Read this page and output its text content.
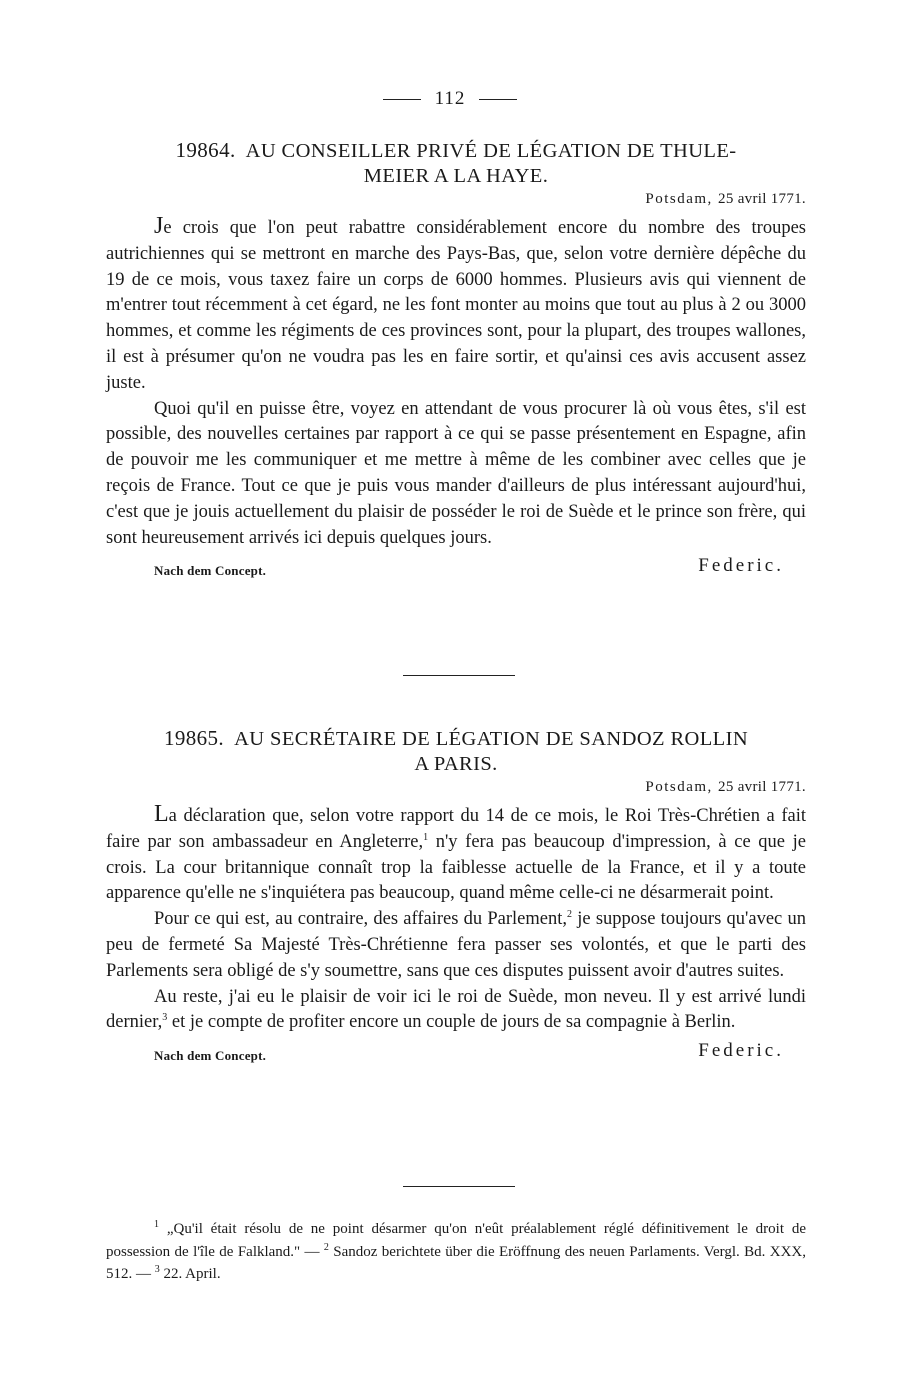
112

19864. AU CONSEILLER PRIVÉ DE LÉGATION DE THULE-
MEIER A LA HAYE.

Potsdam, 25 avril 1771.

Je crois que l'on peut rabattre considérablement encore du nombre des troupes autrichiennes qui se mettront en marche des Pays-Bas, que, selon votre dernière dépêche du 19 de ce mois, vous taxez faire un corps de 6000 hommes. Plusieurs avis qui viennent de m'entrer tout récemment à cet égard, ne les font monter au moins que tout au plus à 2 ou 3000 hommes, et comme les régiments de ces provinces sont, pour la plupart, des troupes wallones, il est à présumer qu'on ne voudra pas les en faire sortir, et qu'ainsi ces avis accusent assez juste.

Quoi qu'il en puisse être, voyez en attendant de vous procurer là où vous êtes, s'il est possible, des nouvelles certaines par rapport à ce qui se passe présentement en Espagne, afin de pouvoir me les communiquer et me mettre à même de les combiner avec celles que je reçois de France. Tout ce que je puis vous mander d'ailleurs de plus intéressant aujourd'hui, c'est que je jouis actuellement du plaisir de posséder le roi de Suède et le prince son frère, qui sont heureusement arrivés ici depuis quelques jours.

Nach dem Concept.	Federic.

19865. AU SECRÉTAIRE DE LÉGATION DE SANDOZ ROLLIN
A PARIS.

Potsdam, 25 avril 1771.

La déclaration que, selon votre rapport du 14 de ce mois, le Roi Très-Chrétien a fait faire par son ambassadeur en Angleterre,$^1$ n'y fera pas beaucoup d'impression, à ce que je crois. La cour britannique connaît trop la faiblesse actuelle de la France, et il y a toute apparence qu'elle ne s'inquiétera pas beaucoup, quand même celle-ci ne désarmerait point.

Pour ce qui est, au contraire, des affaires du Parlement,$^2$ je suppose toujours qu'avec un peu de fermeté Sa Majesté Très-Chrétienne fera passer ses volontés, et que le parti des Parlements sera obligé de s'y soumettre, sans que ces disputes puissent avoir d'autres suites.

Au reste, j'ai eu le plaisir de voir ici le roi de Suède, mon neveu. Il y est arrivé lundi dernier,$^3$ et je compte de profiter encore un couple de jours de sa compagnie à Berlin.

Nach dem Concept.	Federic.

$^1$ „Qu'il était résolu de ne point désarmer qu'on n'eût préalablement réglé définitivement le droit de possession de l'île de Falkland." — $^2$ Sandoz berichtete über die Eröffnung des neuen Parlaments. Vergl. Bd. XXX, 512. — $^3$ 22. April.
